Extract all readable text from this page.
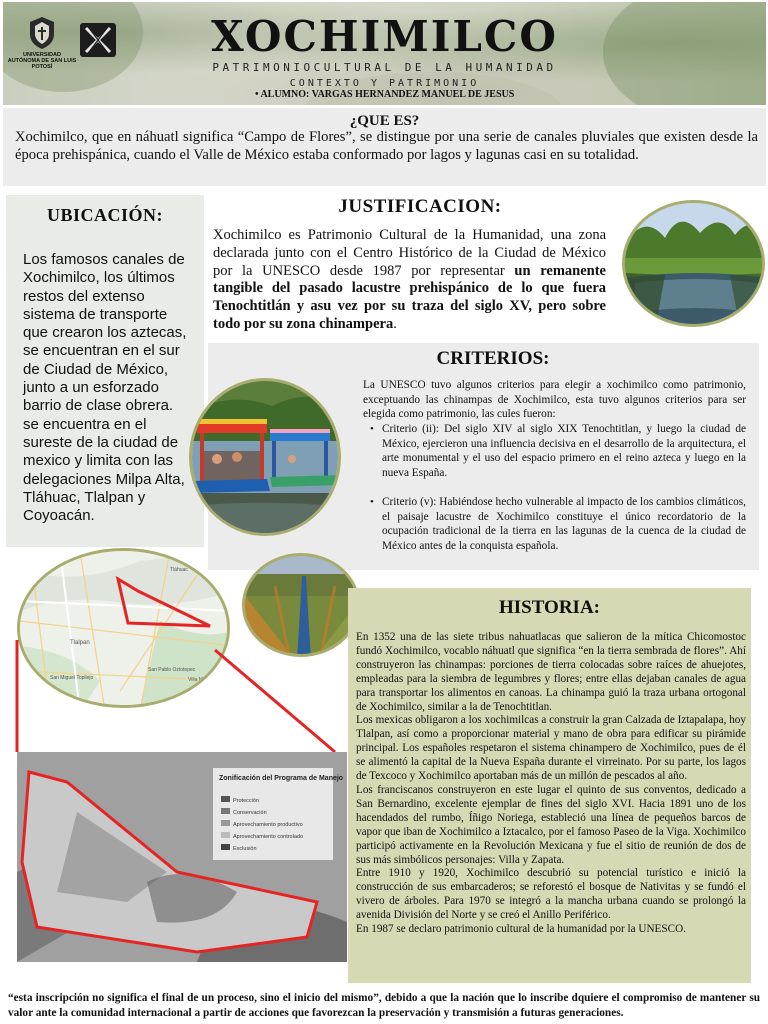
UNIVERSIDAD AUTÓNOMA DE SAN LUIS POTOSÍ
XOCHIMILCO
PATRIMONIOCULTURAL DE LA HUMANIDAD
CONTEXTO Y PATRIMONIO
• ALUMNO: VARGAS HERNANDEZ MANUEL DE JESUS
¿QUE ES?
Xochimilco, que en náhuatl significa “Campo de Flores”, se distingue por una serie de canales pluviales que existen desde la época prehispánica, cuando el Valle de México estaba conformado por lagos y lagunas casi en su totalidad.
UBICACIÓN:
Los famosos canales de Xochimilco, los últimos restos del extenso sistema de transporte que crearon los aztecas, se encuentran en el sur de Ciudad de México, junto a un esforzado barrio de clase obrera.
se encuentra en el sureste de la ciudad de mexico y limita con las delegaciones Milpa Alta, Tláhuac, Tlalpan y Coyoacán.
JUSTIFICACION:
Xochimilco es Patrimonio Cultural de la Humanidad, una zona declarada junto con el Centro Histórico de la Ciudad de México por la UNESCO desde 1987 por representar un remanente tangible del pasado lacustre prehispánico de lo que fuera Tenochtitlán y asu vez por su traza del siglo XV, pero sobre todo por su zona chinampera.
CRITERIOS:
La UNESCO tuvo algunos criterios para elegir a xochimilco como patrimonio, exceptuando las chinampas de Xochimilco, esta tuvo algunos criterios para ser elegida como patrimonio, las cules fueron:
• Criterio (ii): Del siglo XIV al siglo XIX Tenochtitlan, y luego la ciudad de México, ejercieron una influencia decisiva en el desarrollo de la arquitectura, el arte monumental y el uso del espacio primero en el reino azteca y luego en la nueva España.
• Criterio (v): Habiéndose hecho vulnerable al impacto de los cambios climáticos, el paisaje lacustre de Xochimilco constituye el único recordatorio de la ocupación tradicional de la tierra en las lagunas de la cuenca de la ciudad de México antes de la conquista española.
Tlalpan
San Miguel Topilejo
San Pablo Oztotepec
Villa Milpa Alta
Tláhuac
Zonificación del Programa de Manejo
Protección
Conservación
Aprovechamiento productivo
Aprovechamiento controlado
Exclusión
HISTORIA:

En 1352 una de las siete tribus nahuatlacas que salieron de la mítica Chicomostoc fundó Xochimilco, vocablo náhuatl que significa “en la tierra sembrada de flores”. Ahí construyeron las chinampas: porciones de tierra colocadas sobre raíces de ahuejotes, empleadas para la siembra de legumbres y flores; entre ellas dejaban canales de agua para transportar los alimentos en canoas. La chinampa guió la traza urbana ortogonal de Xochimilco, similar a la de Tenochtitlan.

Los mexicas obligaron a los xochimilcas a construir la gran Calzada de Iztapalapa, hoy Tlalpan, así como a proporcionar material y mano de obra para edificar su pirámide principal. Los españoles respetaron el sistema chinampero de Xochimilco, pues de él se alimentó la capital de la Nueva España durante el virreinato. Por su parte, los lagos de Texcoco y Xochimilco aportaban más de un millón de pescados al año.

Los franciscanos construyeron en este lugar el quinto de sus conventos, dedicado a San Bernardino, excelente ejemplar de fines del siglo XVI. Hacia 1891 uno de los hacendados del rumbo, Íñigo Noriega, estableció una línea de pequeños barcos de vapor que iban de Xochimilco a Iztacalco, por el famoso Paseo de la Viga. Xochimilco participó activamente en la Revolución Mexicana y fue el sitio de reunión de dos de sus más simbólicos personajes: Villa y Zapata.

Entre 1910 y 1920, Xochimilco descubrió su potencial turístico e inició la construcción de sus embarcaderos; se reforestó el bosque de Nativitas y se fundó el vivero de árboles. Para 1970 se integró a la mancha urbana cuando se prolongó la avenida División del Norte y se creó el Anillo Periférico.

En 1987 se declaro patrimonio cultural de la humanidad por la UNESCO.

“esta inscripción no significa el final de un proceso, sino el inicio del mismo”, debido a que la nación que lo inscribe dquiere el compromiso de mantener su valor ante la comunidad internacional a partir de acciones que favorezcan la preservación y transmisión a futuras generaciones.
